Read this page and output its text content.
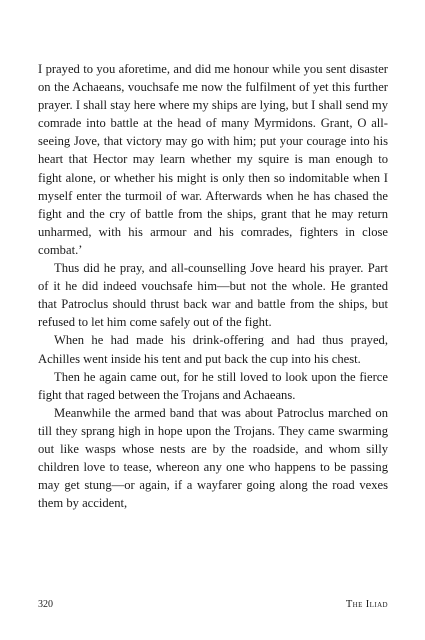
I prayed to you aforetime, and did me honour while you sent disaster on the Achaeans, vouchsafe me now the fulfilment of yet this further prayer. I shall stay here where my ships are lying, but I shall send my comrade into battle at the head of many Myrmidons. Grant, O all-seeing Jove, that victory may go with him; put your courage into his heart that Hector may learn whether my squire is man enough to fight alone, or whether his might is only then so indomitable when I myself enter the turmoil of war. Afterwards when he has chased the fight and the cry of battle from the ships, grant that he may return unharmed, with his armour and his comrades, fighters in close combat.’

Thus did he pray, and all-counselling Jove heard his prayer. Part of it he did indeed vouchsafe him—but not the whole. He granted that Patroclus should thrust back war and battle from the ships, but refused to let him come safely out of the fight.

When he had made his drink-offering and had thus prayed, Achilles went inside his tent and put back the cup into his chest.

Then he again came out, for he still loved to look upon the fierce fight that raged between the Trojans and Achaeans.

Meanwhile the armed band that was about Patroclus marched on till they sprang high in hope upon the Trojans. They came swarming out like wasps whose nests are by the roadside, and whom silly children love to tease, whereon any one who happens to be passing may get stung—or again, if a wayfarer going along the road vexes them by accident,

320	The Iliad
